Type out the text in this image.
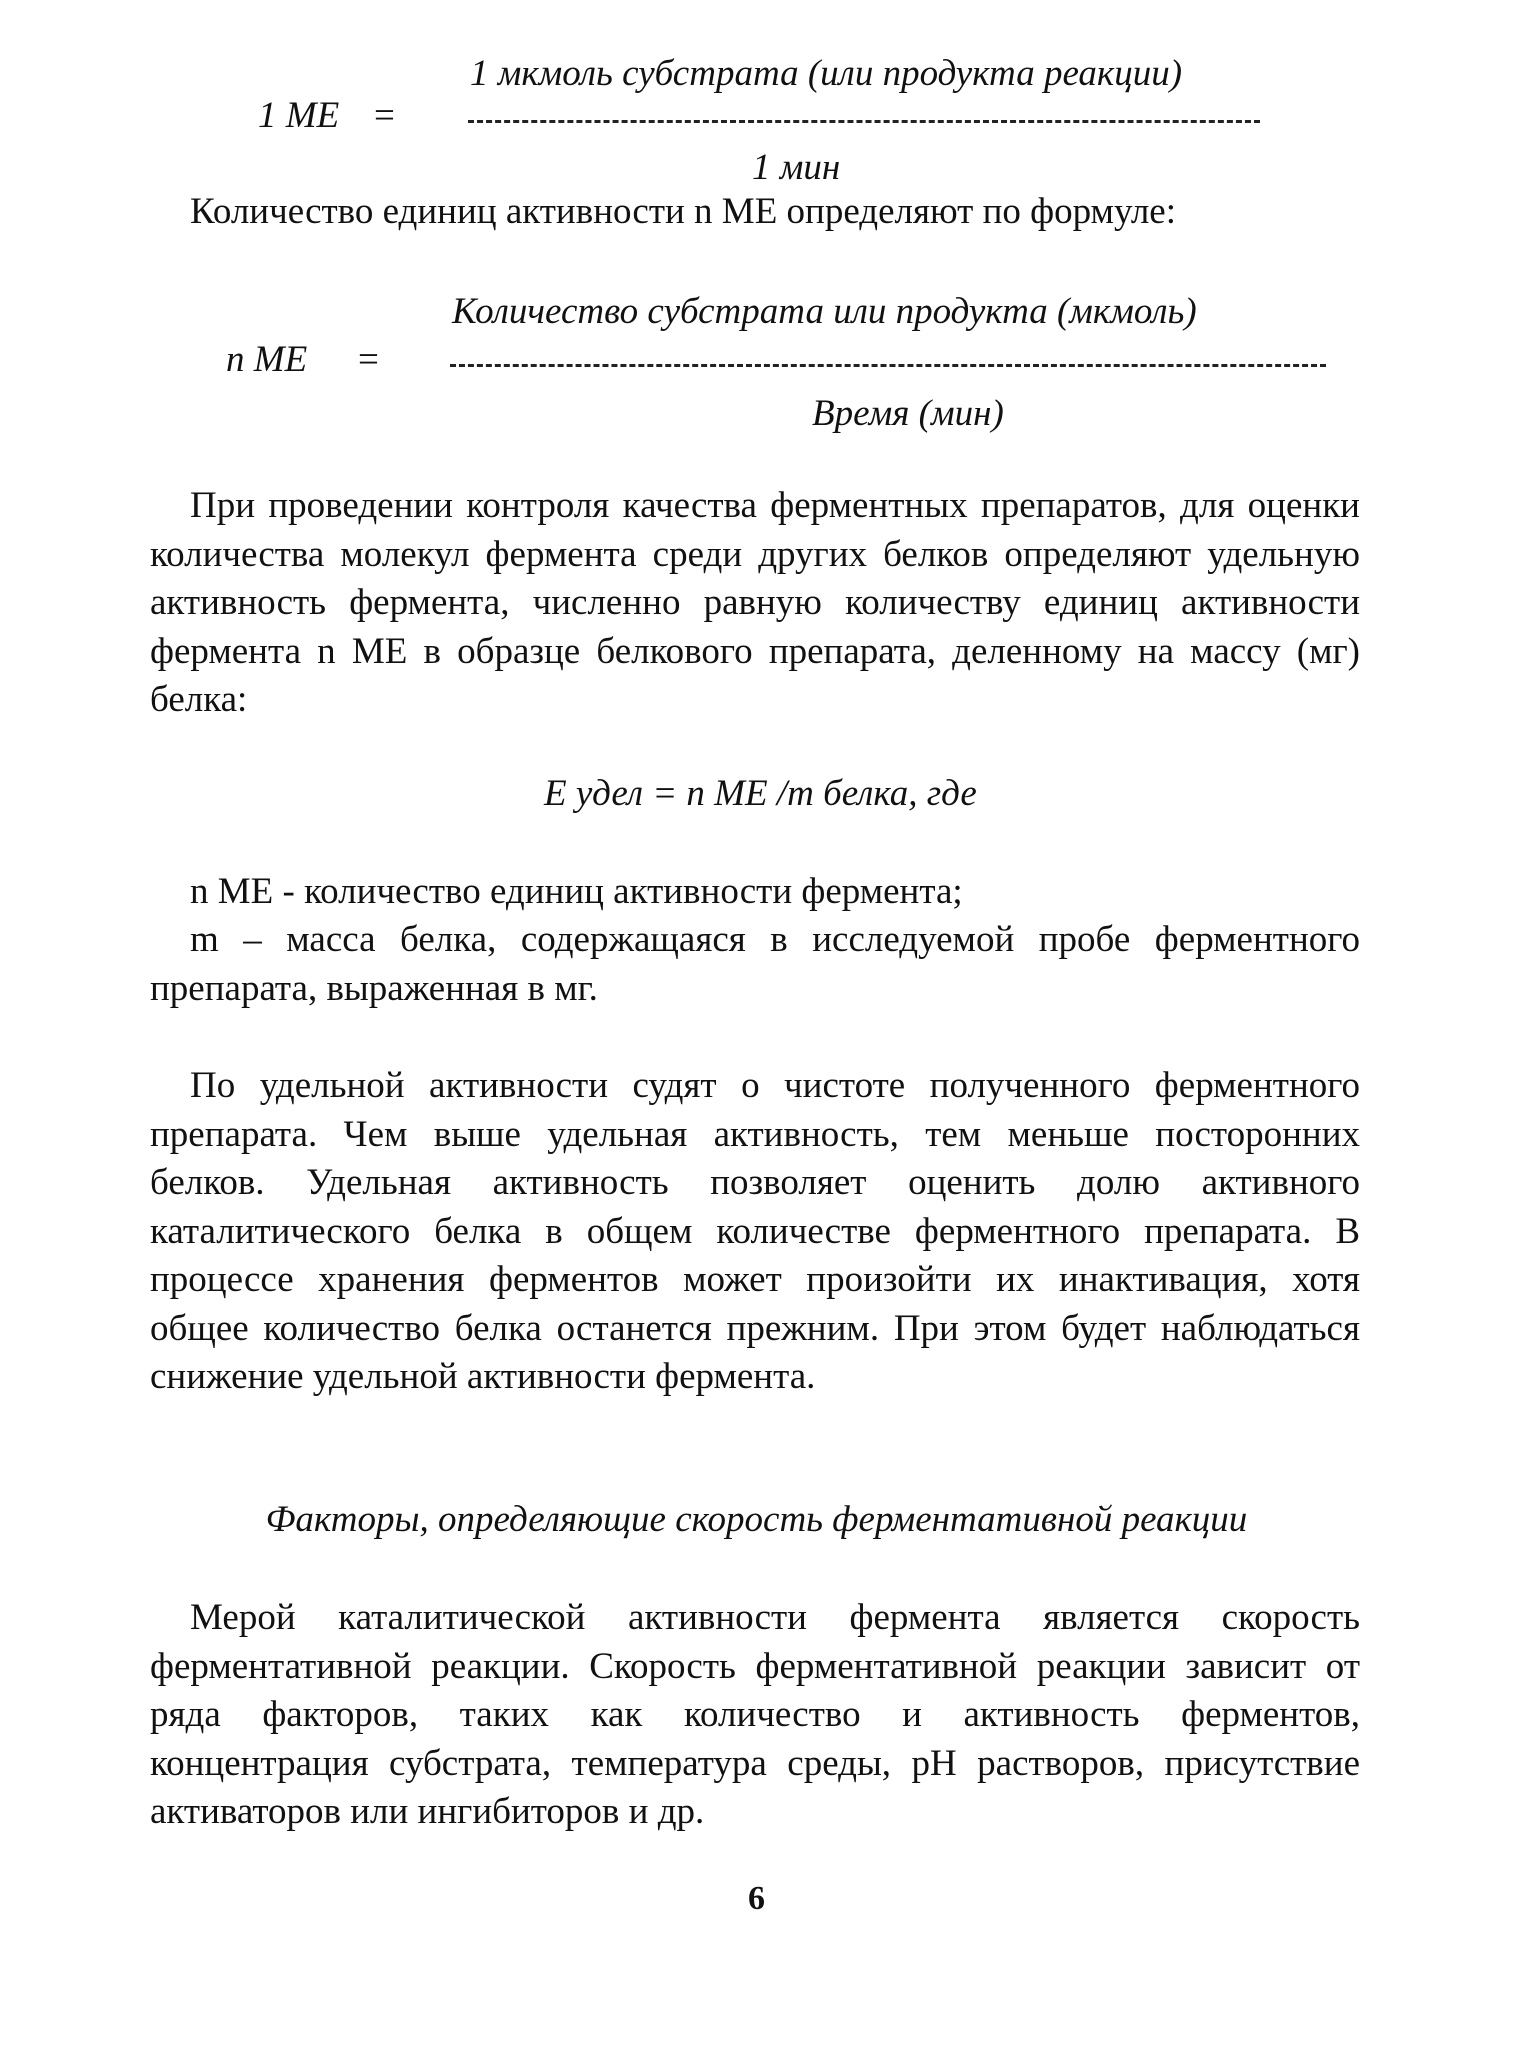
1 мкмоль субстрата (или продукта реакции)
1 ME =
1 мин
Количество единиц активности n МЕ определяют по формуле:
Количество субстрата или продукта (мкмоль)
n ME =
Время (мин)
При проведении контроля качества ферментных препаратов, для оценки количества молекул фермента среди других белков определяют удельную активность фермента, численно равную количеству единиц активности фермента n МЕ в образце белкового препарата, деленному на массу (мг) белка:
Е удел = n МЕ /m белка, где
n МЕ - количество единиц активности фермента;
m – масса белка, содержащаяся в исследуемой пробе ферментного препарата, выраженная в мг.
По удельной активности судят о чистоте полученного ферментного препарата. Чем выше удельная активность, тем меньше посторонних белков. Удельная активность позволяет оценить долю активного каталитического белка в общем количестве ферментного препарата. В процессе хранения ферментов может произойти их инактивация, хотя общее количество белка останется прежним. При этом будет наблюдаться снижение удельной активности фермента.
Факторы, определяющие скорость ферментативной реакции
Мерой каталитической активности фермента является скорость ферментативной реакции. Скорость ферментативной реакции зависит от ряда факторов, таких как количество и активность ферментов, концентрация субстрата, температура среды, pH растворов, присутствие активаторов или ингибиторов и др.
6
